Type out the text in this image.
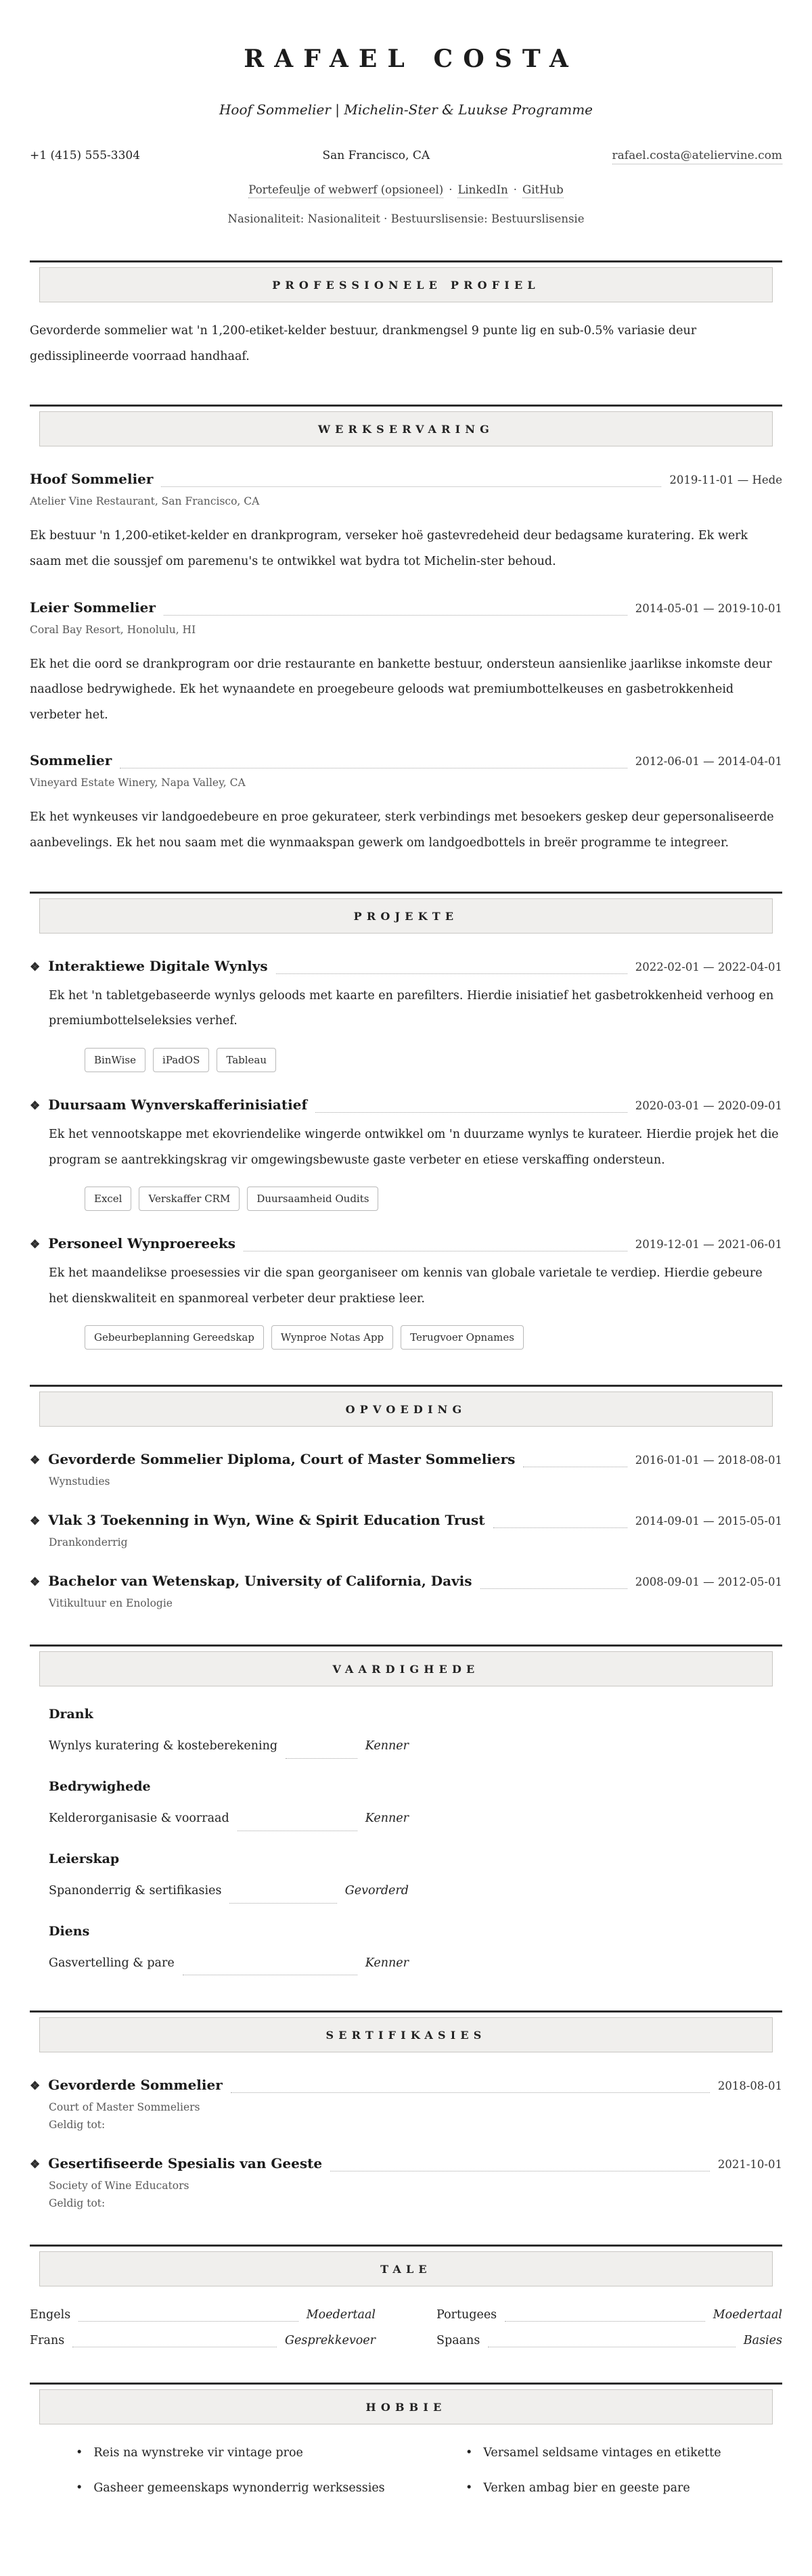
RAFAEL COSTA
Hoof Sommelier | Michelin-Ster & Luukse Programme
+1 (415) 555-3304	San Francisco, CA	rafael.costa@ateliervine.com
Portefeulje of webwerf (opsioneel) · LinkedIn · GitHub
Nasionaliteit: Nasionaliteit · Bestuurslisensie: Bestuurslisensie
PROFESSIONELE PROFIEL

Gevorderde sommelier wat 'n 1,200-etiket-kelder bestuur, drankmengsel 9 punte lig en sub-0.5% variasie deur gedissiplineerde voorraad handhaaf.

WERKSERVARING
Hoof Sommelier	2019-11-01 — Hede
Atelier Vine Restaurant, San Francisco, CA

Ek bestuur 'n 1,200-etiket-kelder en drankprogram, verseker hoë gastevredeheid deur bedagsame kuratering. Ek werk saam met die soussjef om paremenu's te ontwikkel wat bydra tot Michelin-ster behoud.

Leier Sommelier	2014-05-01 — 2019-10-01
Coral Bay Resort, Honolulu, HI

Ek het die oord se drankprogram oor drie restaurante en bankette bestuur, ondersteun aansienlike jaarlikse inkomste deur naadlose bedrywighede. Ek het wynaandete en proegebeure geloods wat premiumbottelkeuses en gasbetrokkenheid verbeter het.

Sommelier	2012-06-01 — 2014-04-01
Vineyard Estate Winery, Napa Valley, CA

Ek het wynkeuses vir landgoedebeure en proe gekurateer, sterk verbindings met besoekers geskep deur gepersonaliseerde aanbevelings. Ek het nou saam met die wynmaakspan gewerk om landgoedbottels in breër programme te integreer.

PROJEKTE
❖ Interaktiewe Digitale Wynlys	2022-02-01 — 2022-04-01

Ek het 'n tabletgebaseerde wynlys geloods met kaarte en parefilters. Hierdie inisiatief het gasbetrokkenheid verhoog en premiumbottelseleksies verhef.

BinWise	iPadOS	Tableau
❖ Duursaam Wynverskafferinisiatief	2020-03-01 — 2020-09-01

Ek het vennootskappe met ekovriendelike wingerde ontwikkel om 'n duurzame wynlys te kurateer. Hierdie projek het die program se aantrekkingskrag vir omgewingsbewuste gaste verbeter en etiese verskaffing ondersteun.

Excel	Verskaffer CRM	Duursaamheid Oudits
❖ Personeel Wynproereeks	2019-12-01 — 2021-06-01

Ek het maandelikse proesessies vir die span georganiseer om kennis van globale varietale te verdiep. Hierdie gebeure het dienskwaliteit en spanmoreal verbeter deur praktiese leer.

Gebeurbeplanning Gereedskap	Wynproe Notas App	Terugvoer Opnames
OPVOEDING
❖ Gevorderde Sommelier Diploma, Court of Master Sommeliers	2016-01-01 — 2018-08-01
Wynstudies
❖ Vlak 3 Toekenning in Wyn, Wine & Spirit Education Trust	2014-09-01 — 2015-05-01
Drankonderrig
❖ Bachelor van Wetenskap, University of California, Davis	2008-09-01 — 2012-05-01
Vitikultuur en Enologie
VAARDIGHEDE
Drank
Wynlys kuratering & kosteberekening	Kenner
Bedrywighede
Kelderorganisasie & voorraad	Kenner
Leierskap
Spanonderrig & sertifikasies	Gevorderd
Diens
Gasvertelling & pare	Kenner
SERTIFIKASIES
❖ Gevorderde Sommelier	2018-08-01
Court of Master Sommeliers
Geldig tot:
❖ Gesertifiseerde Spesialis van Geeste	2021-10-01
Society of Wine Educators
Geldig tot:
TALE
Engels	Moedertaal	Portugees	Moedertaal
Frans	Gesprekkevoer	Spaans	Basies
HOBBIE
• Reis na wynstreke vir vintage proe
• Gasheer gemeenskaps wynonderrig werksessies
• Versamel seldsame vintages en etikette
• Verken ambag bier en geeste pare
